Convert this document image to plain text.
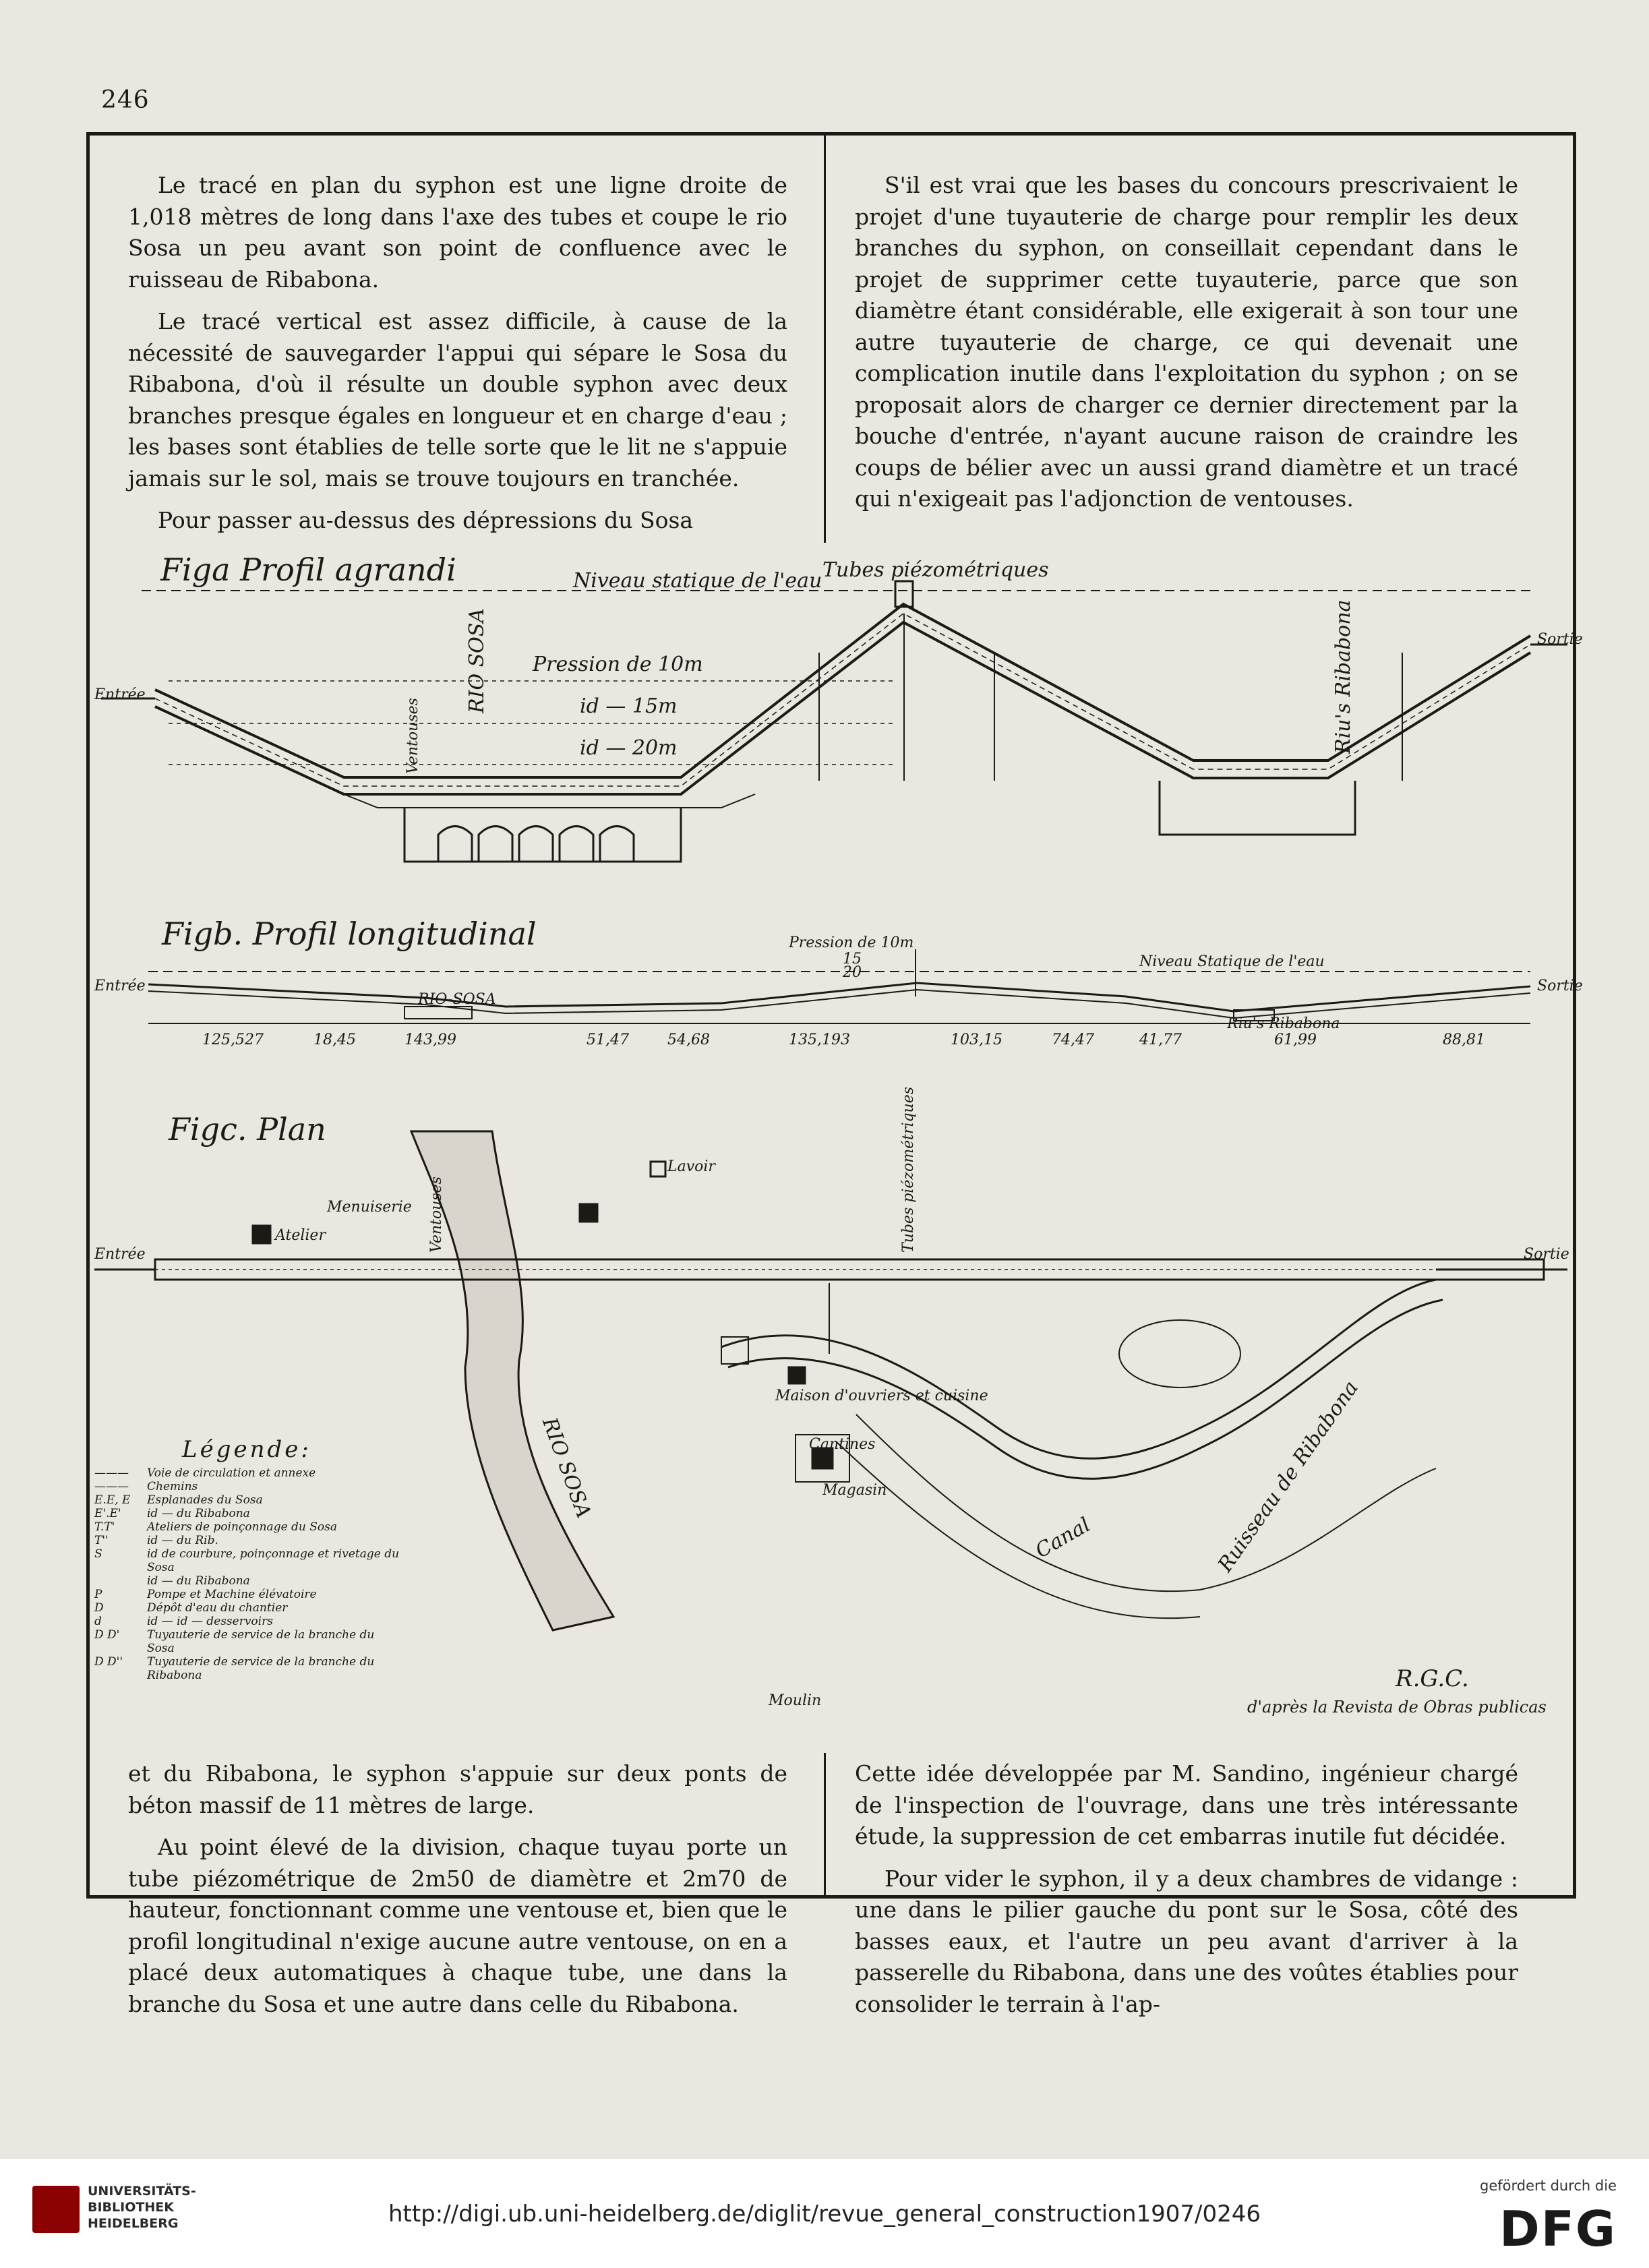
246

Le tracé en plan du syphon est une ligne droite de 1,018 mètres de long dans l'axe des tubes et coupe le rio Sosa un peu avant son point de confluence avec le ruisseau de Ribabona.

Le tracé vertical est assez difficile, à cause de la nécessité de sauvegarder l'appui qui sépare le Sosa du Ribabona, d'où il résulte un double syphon avec deux branches presque égales en longueur et en charge d'eau ; les bases sont établies de telle sorte que le lit ne s'appuie jamais sur le sol, mais se trouve toujours en tranchée.

Pour passer au-dessus des dépressions du Sosa

S'il est vrai que les bases du concours prescrivaient le projet d'une tuyauterie de charge pour remplir les deux branches du syphon, on conseillait cependant dans le projet de supprimer cette tuyauterie, parce que son diamètre étant considérable, elle exigerait à son tour une autre tuyauterie de charge, ce qui devenait une complication inutile dans l'exploitation du syphon ; on se proposait alors de charger ce dernier directement par la bouche d'entrée, n'ayant aucune raison de craindre les coups de bélier avec un aussi grand diamètre et un tracé qui n'exigeait pas l'adjonction de ventouses.

Figa Profil agrandi	Niveau statique de l'eau Tubes piézométriques
Pression de 10m
id — 15m
id — 20m
RIO SOSA	Riu's Ribabona
Ventouses
Entrée
Sortie
Figb. Profil longitudinal	Pression de 10m
15
20
Niveau Statique de l'eau
RIO-SOSA
Riu's Ribabona
Entrée	Sortie
125,527	18,45	143,99	51,47	54,68	135,193	103,15	74,47	41,77	61,99	88,81
Figc. Plan
Menuiserie
Lavoir
Atelier	Ventouses	Tubes piézométriques
Maison d'ouvriers et cuisine
Cantines
Magasin
RIO SOSA
Canal	Ruisseau de Ribabona
Moulin
Entrée	Sortie
Légende:
———	Voie de circulation et annexe
———	Chemins
E.E, E	Esplanades du Sosa
E'.E'	id — du Ribabona
T.T'	Ateliers de poinçonnage du Sosa
T''	id — du Rib.
S	id de courbure, poinçonnage et rivetage du Sosa
id — du Ribabona
P	Pompe et Machine élévatoire
D	Dépôt d'eau du chantier
d	id — id — desservoirs
D D'	Tuyauterie de service de la branche du Sosa
D D''	Tuyauterie de service de la branche du Ribabona	R.G.C.
d'après la Revista de Obras publicas

et du Ribabona, le syphon s'appuie sur deux ponts de béton massif de 11 mètres de large.

Au point élevé de la division, chaque tuyau porte un tube piézométrique de 2m50 de diamètre et 2m70 de hauteur, fonctionnant comme une ventouse et, bien que le profil longitudinal n'exige aucune autre ventouse, on en a placé deux automatiques à chaque tube, une dans la branche du Sosa et une autre dans celle du Ribabona.

Cette idée développée par M. Sandino, ingénieur chargé de l'inspection de l'ouvrage, dans une très intéressante étude, la suppression de cet embarras inutile fut décidée.

Pour vider le syphon, il y a deux chambres de vidange : une dans le pilier gauche du pont sur le Sosa, côté des basses eaux, et l'autre un peu avant d'arriver à la passerelle du Ribabona, dans une des voûtes établies pour consolider le terrain à l'ap-

UNIVERSITÄTS-
BIBLIOTHEK
HEIDELBERG	http://digi.ub.uni-heidelberg.de/diglit/revue_general_construction1907/0246
gefördert durch die
DFG
